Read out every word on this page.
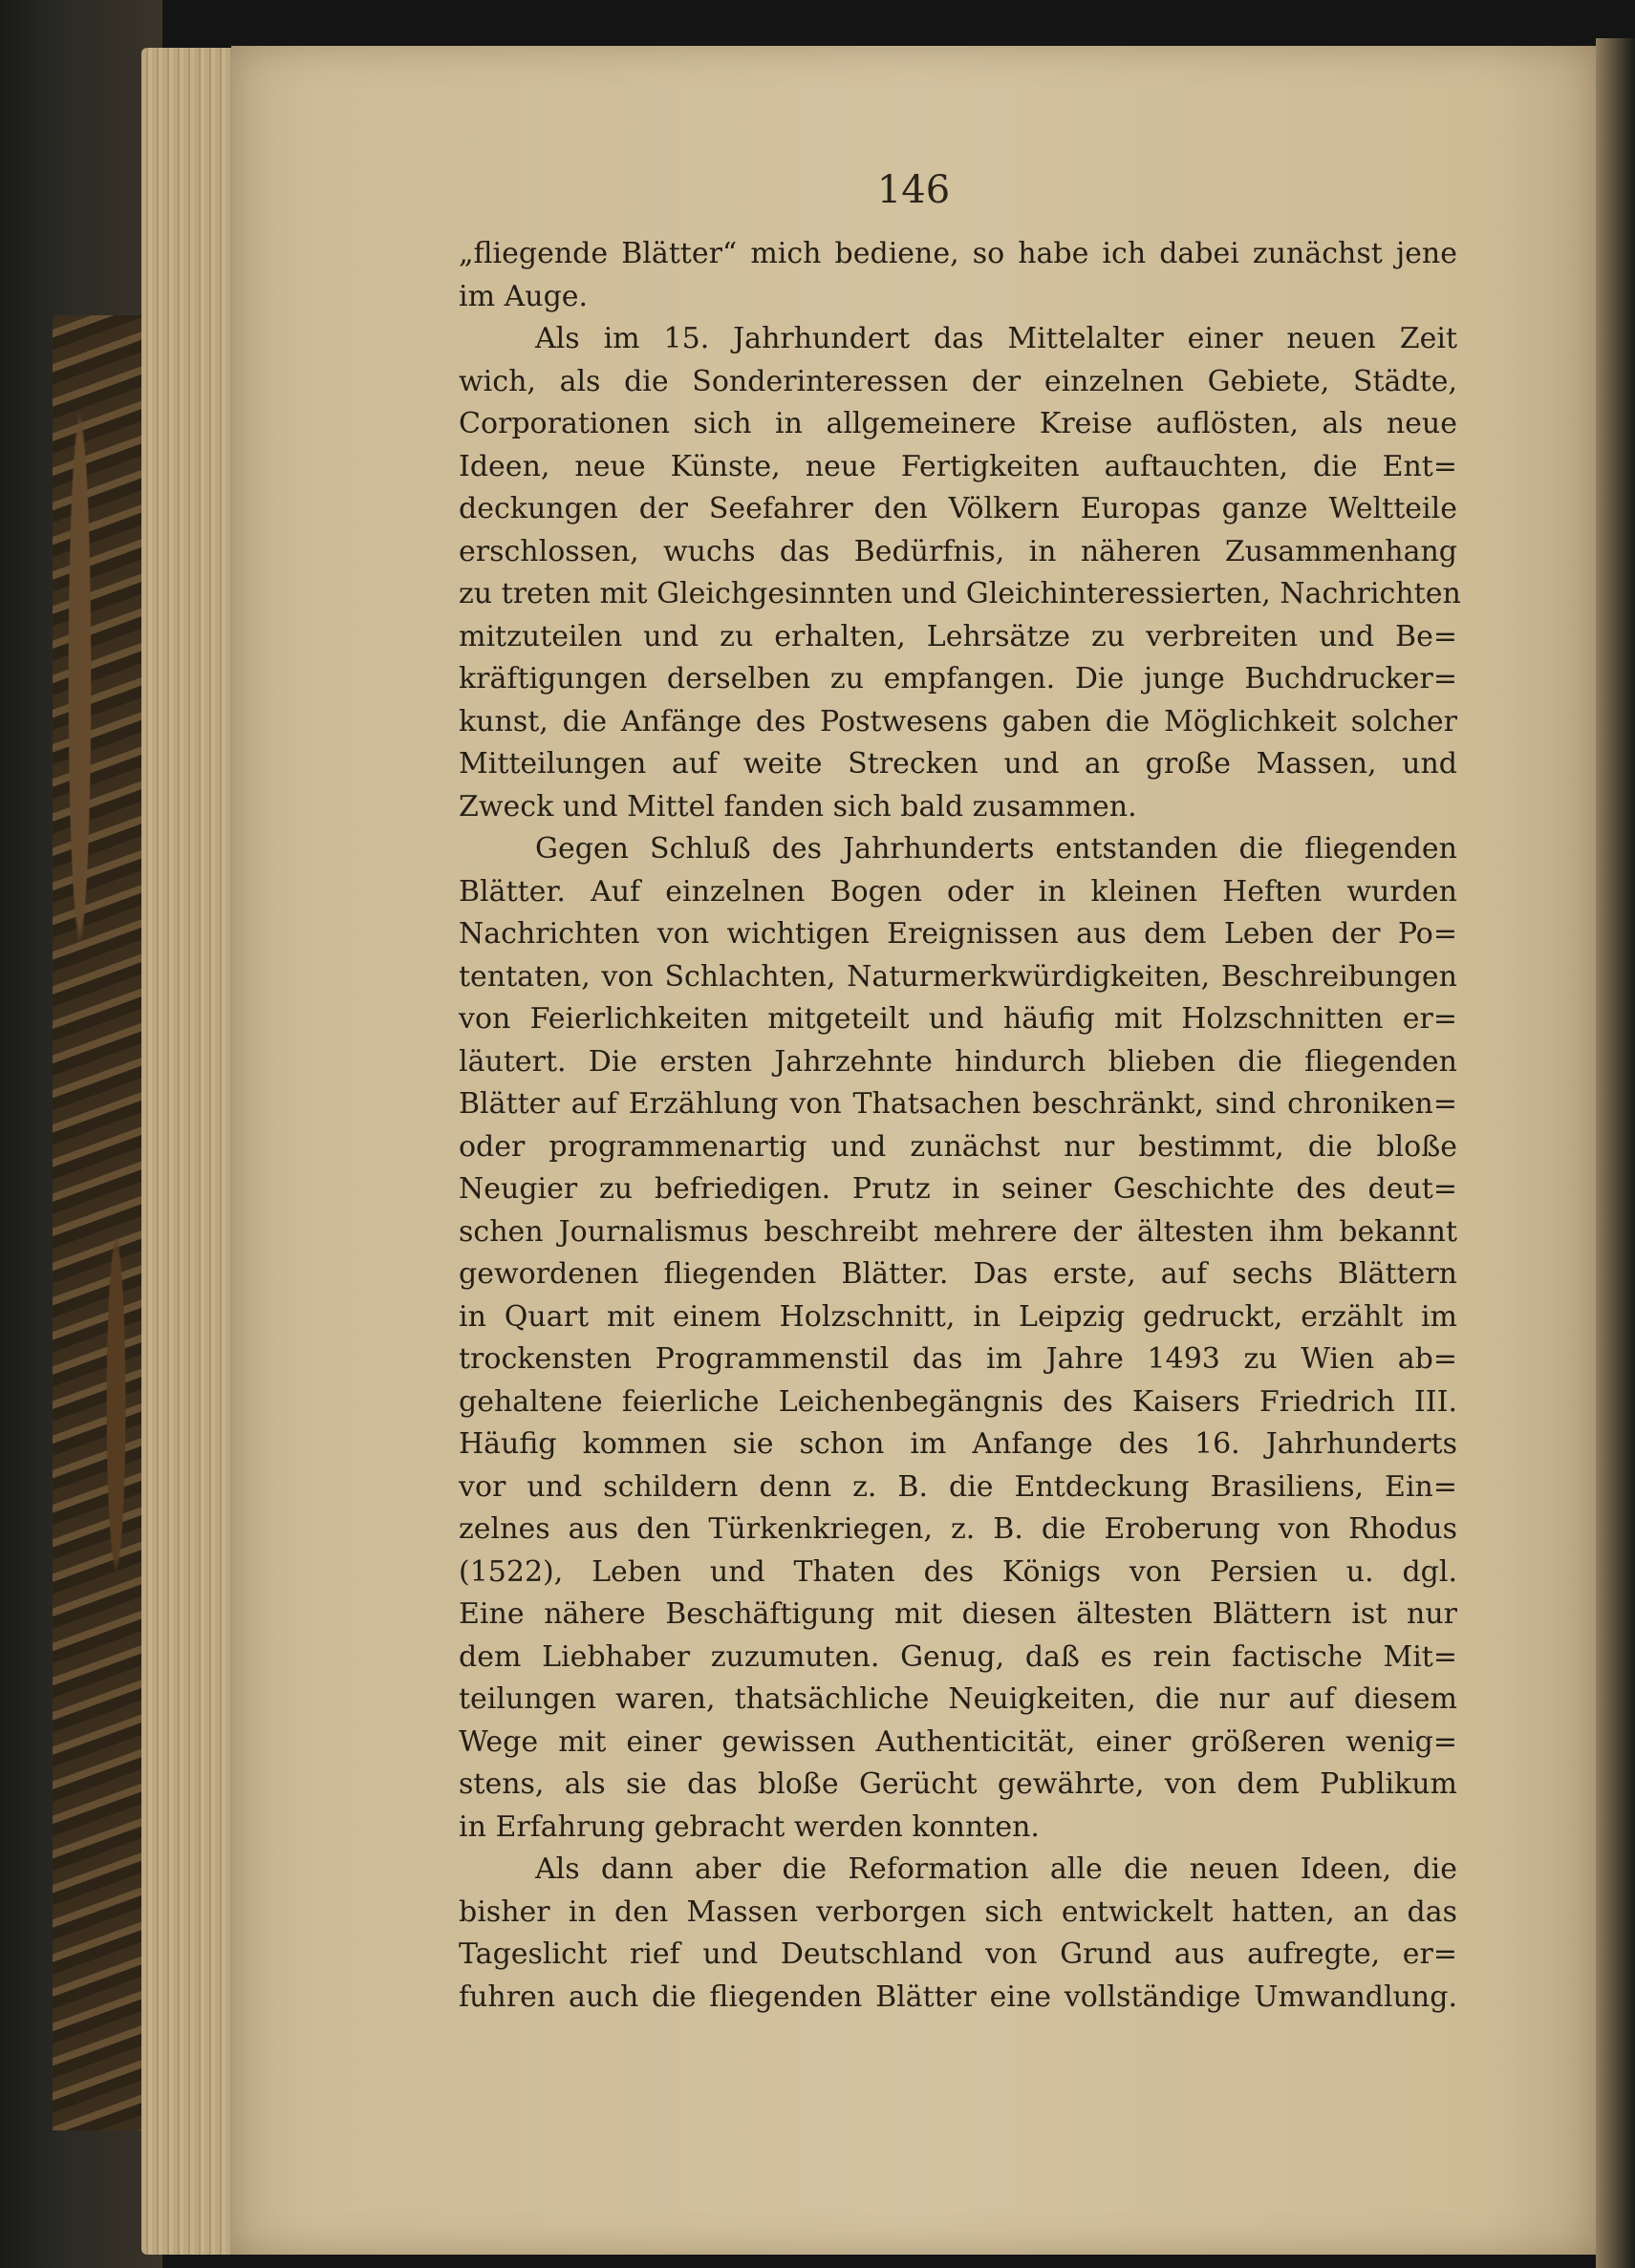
146
„fliegende Blätter“ mich bediene, so habe ich dabei zunächst jene
im Auge.
Als im 15. Jahrhundert das Mittelalter einer neuen Zeit
wich, als die Sonderinteressen der einzelnen Gebiete, Städte,
Corporationen sich in allgemeinere Kreise auflösten, als neue
Ideen, neue Künste, neue Fertigkeiten auftauchten, die Ent=
deckungen der Seefahrer den Völkern Europas ganze Weltteile
erschlossen, wuchs das Bedürfnis, in näheren Zusammenhang
zu treten mit Gleichgesinnten und Gleichinteressierten, Nachrichten
mitzuteilen und zu erhalten, Lehrsätze zu verbreiten und Be=
kräftigungen derselben zu empfangen. Die junge Buchdrucker=
kunst, die Anfänge des Postwesens gaben die Möglichkeit solcher
Mitteilungen auf weite Strecken und an große Massen, und
Zweck und Mittel fanden sich bald zusammen.
Gegen Schluß des Jahrhunderts entstanden die fliegenden
Blätter. Auf einzelnen Bogen oder in kleinen Heften wurden
Nachrichten von wichtigen Ereignissen aus dem Leben der Po=
tentaten, von Schlachten, Naturmerkwürdigkeiten, Beschreibungen
von Feierlichkeiten mitgeteilt und häufig mit Holzschnitten er=
läutert. Die ersten Jahrzehnte hindurch blieben die fliegenden
Blätter auf Erzählung von Thatsachen beschränkt, sind chroniken=
oder programmenartig und zunächst nur bestimmt, die bloße
Neugier zu befriedigen. Prutz in seiner Geschichte des deut=
schen Journalismus beschreibt mehrere der ältesten ihm bekannt
gewordenen fliegenden Blätter. Das erste, auf sechs Blättern
in Quart mit einem Holzschnitt, in Leipzig gedruckt, erzählt im
trockensten Programmenstil das im Jahre 1493 zu Wien ab=
gehaltene feierliche Leichenbegängnis des Kaisers Friedrich III.
Häufig kommen sie schon im Anfange des 16. Jahrhunderts
vor und schildern denn z. B. die Entdeckung Brasiliens, Ein=
zelnes aus den Türkenkriegen, z. B. die Eroberung von Rhodus
(1522), Leben und Thaten des Königs von Persien u. dgl.
Eine nähere Beschäftigung mit diesen ältesten Blättern ist nur
dem Liebhaber zuzumuten. Genug, daß es rein factische Mit=
teilungen waren, thatsächliche Neuigkeiten, die nur auf diesem
Wege mit einer gewissen Authenticität, einer größeren wenig=
stens, als sie das bloße Gerücht gewährte, von dem Publikum
in Erfahrung gebracht werden konnten.
Als dann aber die Reformation alle die neuen Ideen, die
bisher in den Massen verborgen sich entwickelt hatten, an das
Tageslicht rief und Deutschland von Grund aus aufregte, er=
fuhren auch die fliegenden Blätter eine vollständige Umwandlung.
